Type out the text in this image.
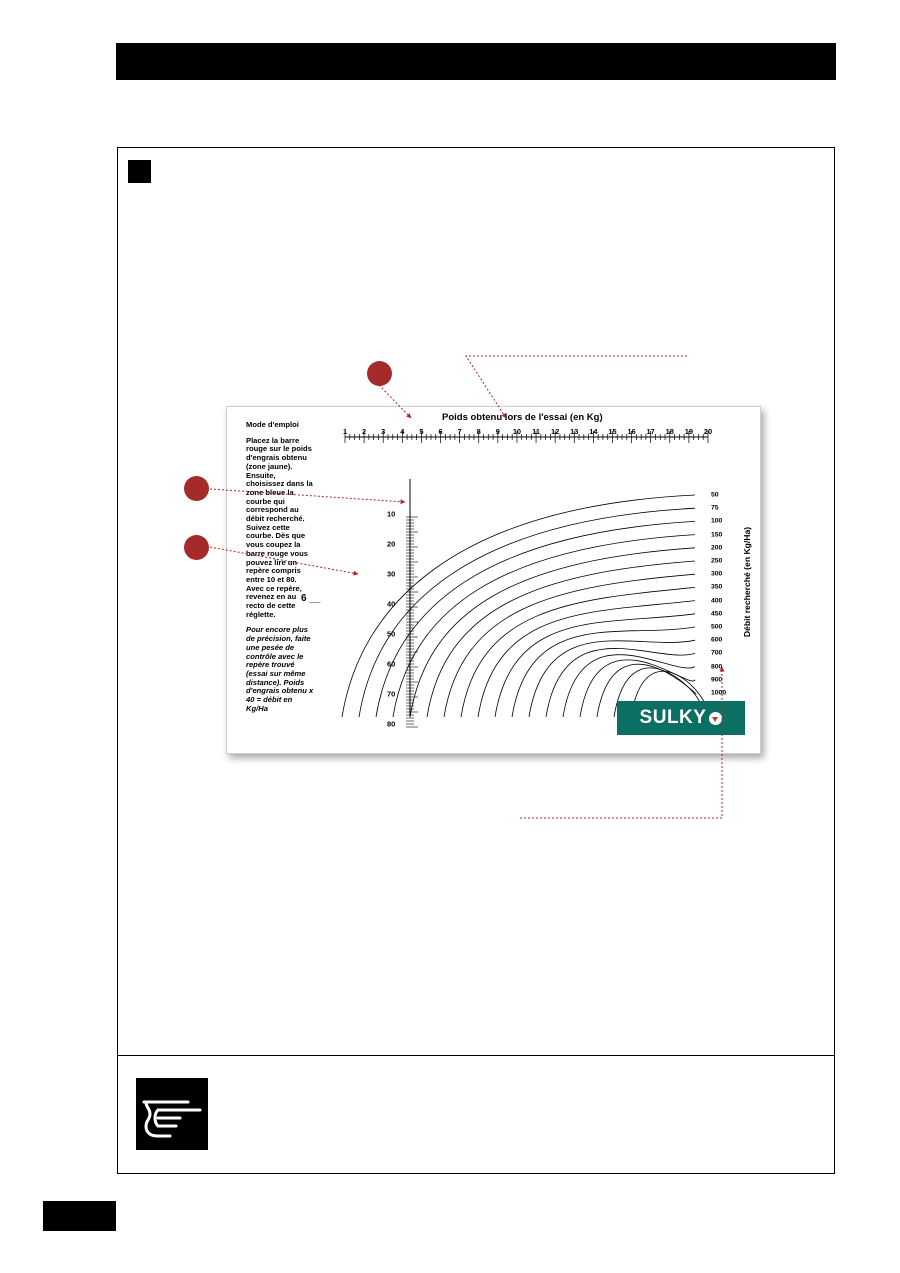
Mode d'emploi

Placez la barre rouge sur le poids d'engrais obtenu (zone jaune). Ensuite, choisissez dans la zone bleue la courbe qui correspond au débit recherché. Suivez cette courbe. Dès que vous coupez la barre rouge vous pouvez lire un repère compris entre 10 et 80. Avec ce repère, revenez en au recto de cette réglette.

Pour encore plus de précision, faite une pesée de contrôle avec le repère trouvé (essai sur même distance). Poids d'engrais obtenu x 40 = débit en Kg/Ha

6 __
Poids obtenu lors de l'essai (en Kg)
1 2 3 4 5 6 7 8 9 10 11 12 13 14 15 16 17 18 19 20
10
20
30
40
50
60
70
80
50
75
100
150
200
250
300
350
400
450
500
600
700
800
900
1000
Débit recherché (en Kg/Ha)
SULKY
